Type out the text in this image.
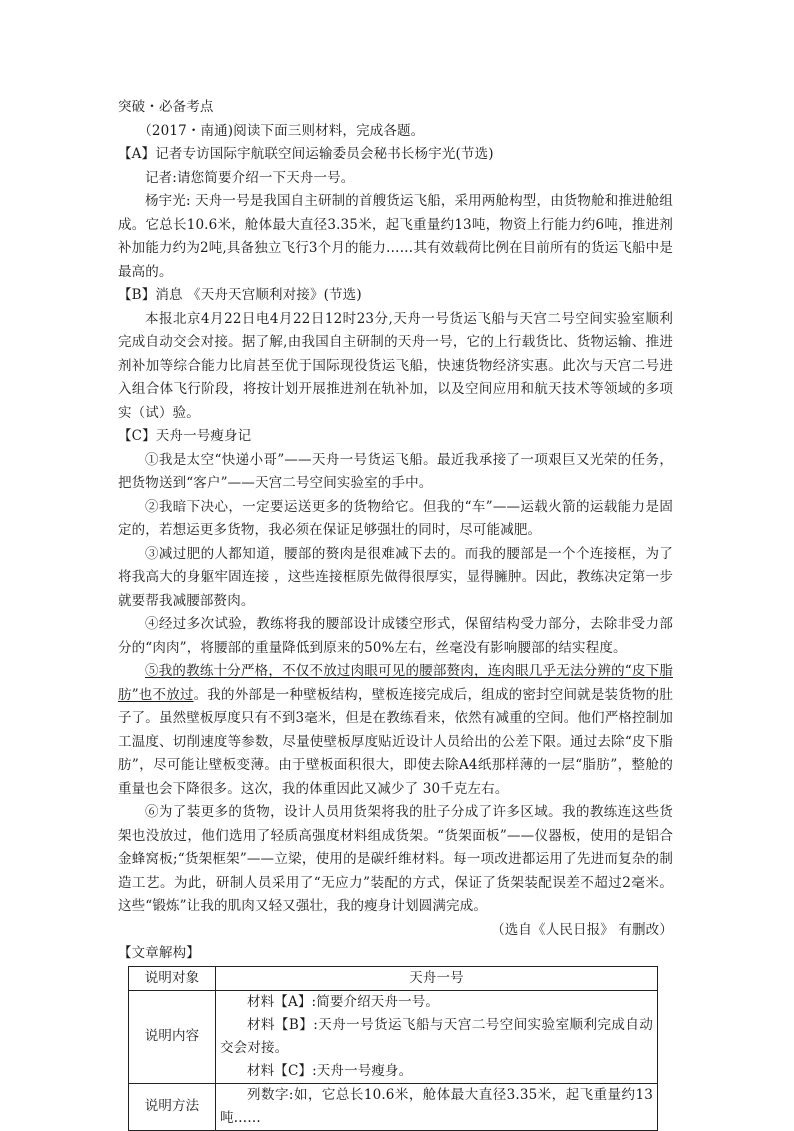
突破・必备考点

（2017・南通)阅读下面三则材料，完成各题。

【A】记者专访国际宇航联空间运输委员会秘书长杨宇光(节选)

记者:请您简要介绍一下天舟一号。

杨宇光: 天舟一号是我国自主研制的首艘货运飞船，采用两舱构型，由货物舱和推进舱组成。它总长10.6米，舱体最大直径3.35米，起飞重量约13吨，物资上行能力约6吨，推进剂补加能力约为2吨,具备独立飞行3个月的能力……其有效载荷比例在目前所有的货运飞船中是最高的。

【B】消息 《天舟天宫顺利对接》(节选)

本报北京4月22日电4月22日12时23分,天舟一号货运飞船与天宫二号空间实验室顺利完成自动交会对接。据了解,由我国自主研制的天舟一号，它的上行载货比、货物运输、推进剂补加等综合能力比肩甚至优于国际现役货运飞船，快速货物经济实惠。此次与天宫二号进入组合体飞行阶段，将按计划开展推进剂在轨补加，以及空间应用和航天技术等领域的多项实（试）验。

【C】天舟一号瘦身记

①我是太空“快递小哥”——天舟一号货运飞船。最近我承接了一项艰巨又光荣的任务，把货物送到“客户”——天宫二号空间实验室的手中。

②我暗下决心，一定要运送更多的货物给它。但我的“车”——运载火箭的运载能力是固定的，若想运更多货物，我必须在保证足够强壮的同时，尽可能减肥。

③减过肥的人都知道，腰部的赘肉是很难减下去的。而我的腰部是一个个连接框，为了将我高大的身躯牢固连接 ，这些连接框原先做得很厚实，显得臃肿。因此，教练决定第一步就要帮我减腰部赘肉。

④经过多次试验，教练将我的腰部设计成镂空形式，保留结构受力部分，去除非受力部分的“肉肉”，将腰部的重量降低到原来的50%左右，丝毫没有影响腰部的结实程度。

⑤我的教练十分严格，不仅不放过肉眼可见的腰部赘肉，连肉眼几乎无法分辨的“皮下脂肪”也不放过。我的外部是一种壁板结构，壁板连接完成后，组成的密封空间就是装货物的肚子了。虽然壁板厚度只有不到3毫米，但是在教练看来，依然有减重的空间。他们严格控制加工温度、切削速度等参数，尽量使壁板厚度贴近设计人员给出的公差下限。通过去除“皮下脂肪”，尽可能让壁板变薄。由于壁板面积很大，即使去除A4纸那样薄的一层“脂肪”，整舱的重量也会下降很多。这次，我的体重因此又减少了 30千克左右。

⑥为了装更多的货物，设计人员用货架将我的肚子分成了许多区域。我的教练连这些货架也没放过，他们选用了轻质高强度材料组成货架。“货架面板”——仪器板，使用的是铝合金蜂窝板;“货架框架”——立梁，使用的是碳纤维材料。每一项改进都运用了先进而复杂的制造工艺。为此，研制人员采用了“无应力”装配的方式，保证了货架装配误差不超过2毫米。这些“锻炼”让我的肌肉又轻又强壮，我的瘦身计划圆满完成。

（选自《人民日报》 有删改）

【文章解构】

说明对象	天舟一号
说明内容	材料【A】:简要介绍天舟一号。

材料【B】:天舟一号货运飞船与天宫二号空间实验室顺利完成自动交会对接。

材料【C】:天舟一号瘦身。

说明方法	列数字:如，它总长10.6米，舱体最大直径3.35米，起飞重量约13吨……
